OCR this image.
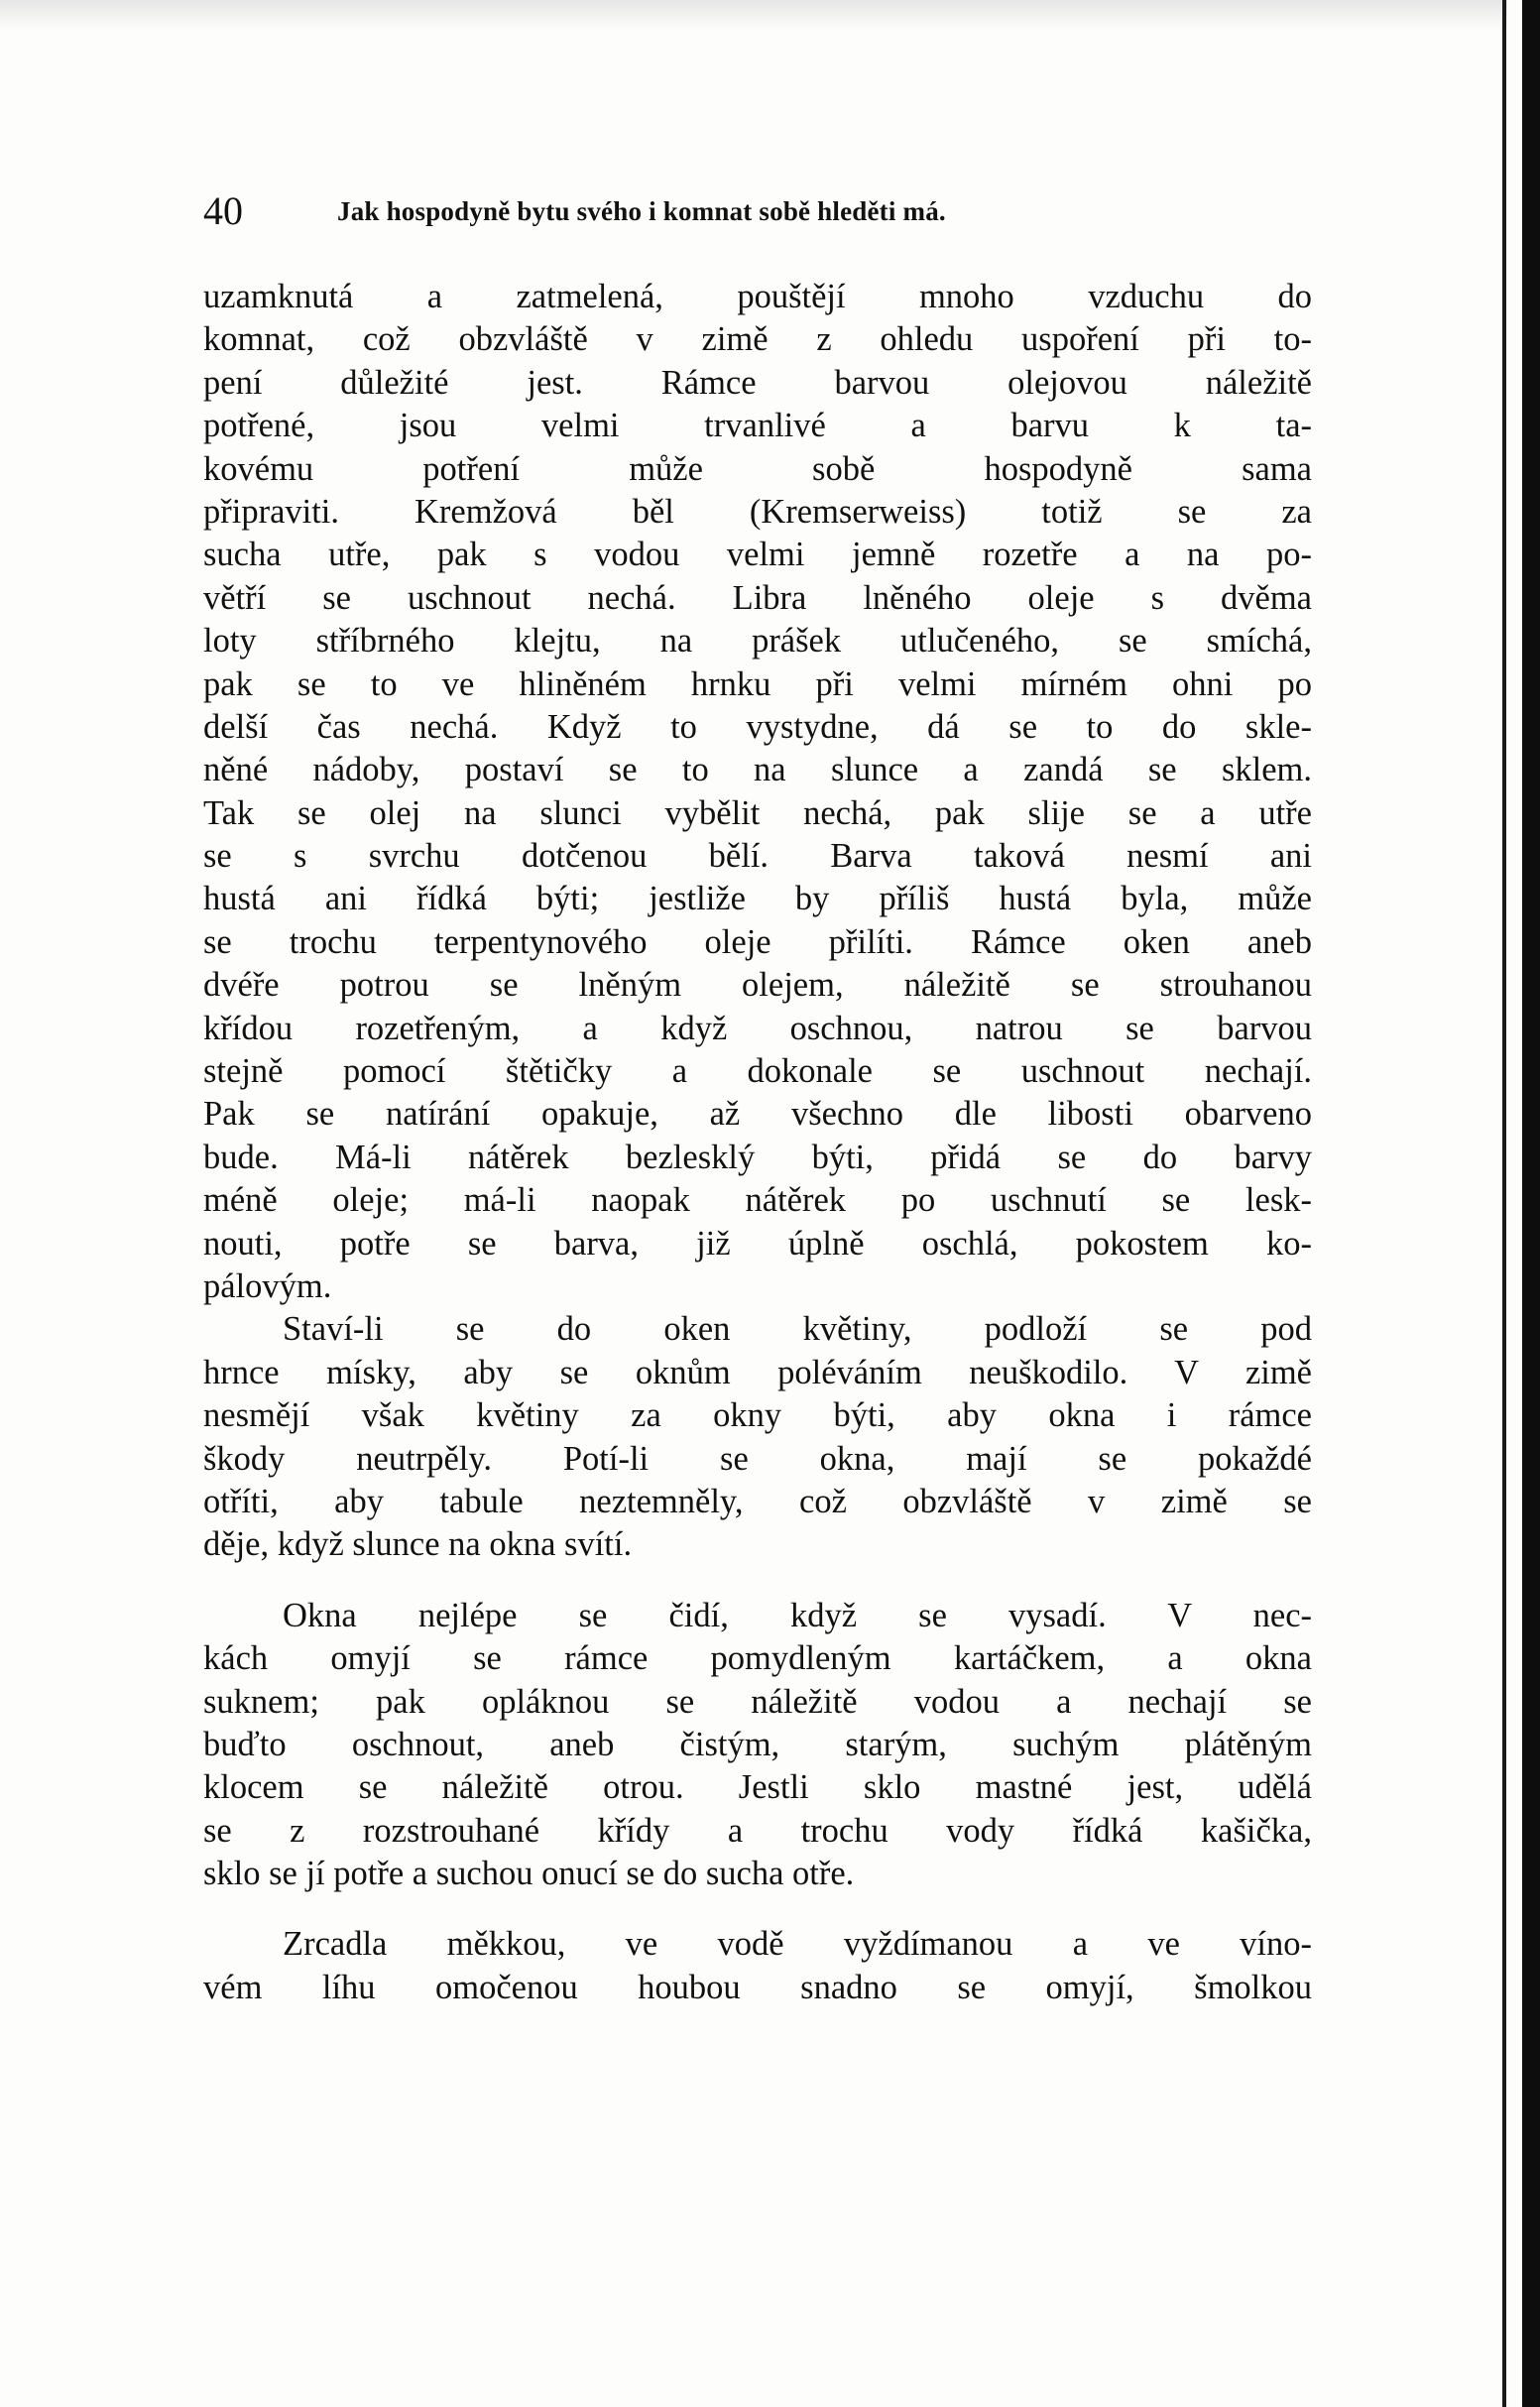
40	Jak hospodyně bytu svého i komnat sobě hleděti má.
uzamknutá a zatmelená, pouštějí mnoho vzduchu do
komnat, což obzvláště v zimě z ohledu uspoření při to-
pení důležité jest. Rámce barvou olejovou náležitě
potřené, jsou velmi trvanlivé a barvu k ta-
kovému potření může sobě hospodyně sama
připraviti. Kremžová běl (Kremserweiss) totiž se za
sucha utře, pak s vodou velmi jemně rozetře a na po-
větří se uschnout nechá. Libra lněného oleje s dvěma
loty stříbrného klejtu, na prášek utlučeného, se smíchá,
pak se to ve hliněném hrnku při velmi mírném ohni po
delší čas nechá. Když to vystydne, dá se to do skle-
něné nádoby, postaví se to na slunce a zandá se sklem.
Tak se olej na slunci vybělit nechá, pak slije se a utře
se s svrchu dotčenou bělí. Barva taková nesmí ani
hustá ani řídká býti; jestliže by příliš hustá byla, může
se trochu terpentynového oleje přilíti. Rámce oken aneb
dvéře potrou se lněným olejem, náležitě se strouhanou
křídou rozetřeným, a když oschnou, natrou se barvou
stejně pomocí štětičky a dokonale se uschnout nechají.
Pak se natírání opakuje, až všechno dle libosti obarveno
bude. Má-li nátěrek bezlesklý býti, přidá se do barvy
méně oleje; má-li naopak nátěrek po uschnutí se lesk-
nouti, potře se barva, již úplně oschlá, pokostem ko-
pálovým.
Staví-li se do oken květiny, podloží se pod
hrnce mísky, aby se oknům poléváním neuškodilo. V zimě
nesmějí však květiny za okny býti, aby okna i rámce
škody neutrpěly. Potí-li se okna, mají se pokaždé
otříti, aby tabule neztemněly, což obzvláště v zimě se
děje, když slunce na okna svítí.
Okna nejlépe se čidí, když se vysadí. V nec-
kách omyjí se rámce pomydleným kartáčkem, a okna
suknem; pak opláknou se náležitě vodou a nechají se
buďto oschnout, aneb čistým, starým, suchým plátěným
klocem se náležitě otrou. Jestli sklo mastné jest, udělá
se z rozstrouhané křídy a trochu vody řídká kašička,
sklo se jí potře a suchou onucí se do sucha otře.
Zrcadla měkkou, ve vodě vyždímanou a ve víno-
vém líhu omočenou houbou snadno se omyjí, šmolkou
